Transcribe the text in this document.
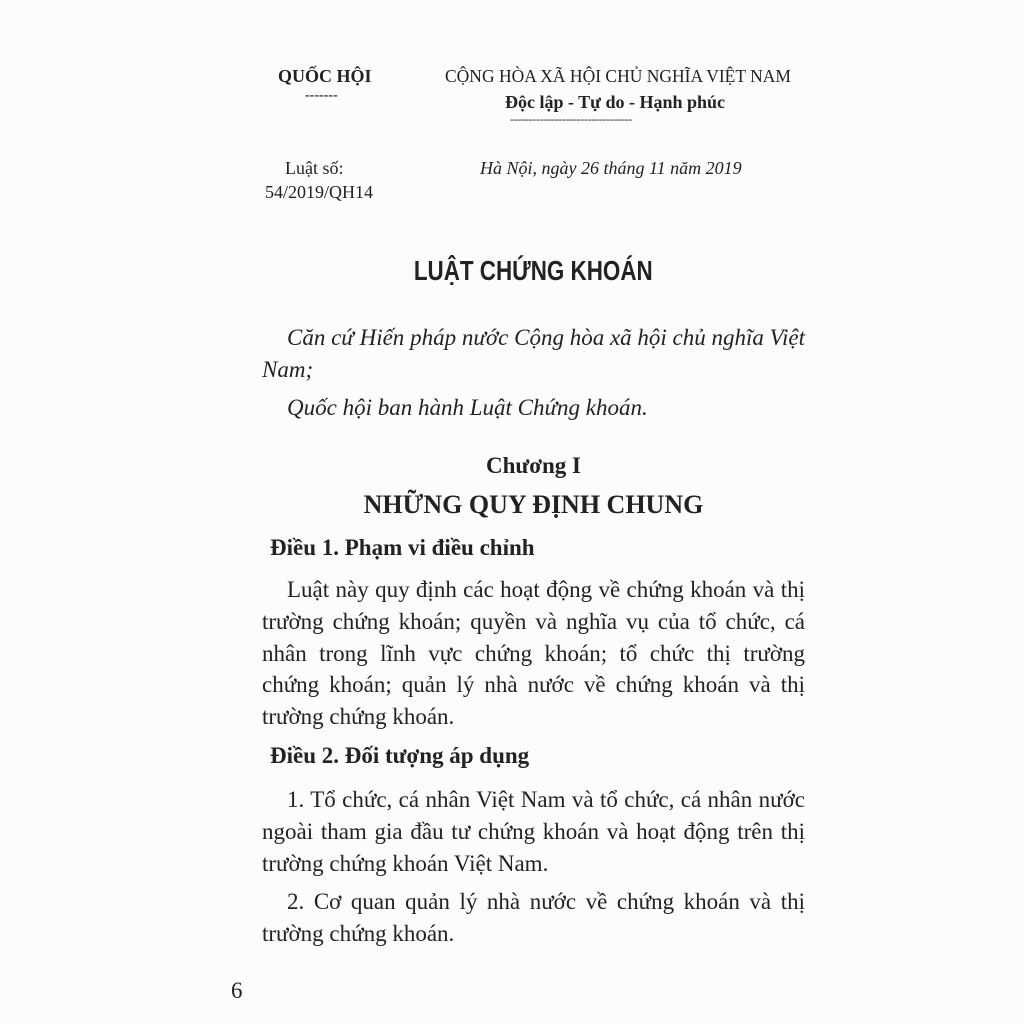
QUỐC HỘI
-------
CỘNG HÒA XÃ HỘI CHỦ NGHĨA VIỆT NAM
Độc lập - Tự do - Hạnh phúc
---------------------------------
Luật số:
54/2019/QH14
Hà Nội, ngày 26 tháng 11 năm 2019
LUẬT CHỨNG KHOÁN

Căn cứ Hiến pháp nước Cộng hòa xã hội chủ nghĩa Việt Nam;

Quốc hội ban hành Luật Chứng khoán.

Chương I
NHỮNG QUY ĐỊNH CHUNG
Điều 1. Phạm vi điều chỉnh

Luật này quy định các hoạt động về chứng khoán và thị trường chứng khoán; quyền và nghĩa vụ của tổ chức, cá nhân trong lĩnh vực chứng khoán; tổ chức thị trường chứng khoán; quản lý nhà nước về chứng khoán và thị trường chứng khoán.

Điều 2. Đối tượng áp dụng

1. Tổ chức, cá nhân Việt Nam và tổ chức, cá nhân nước ngoài tham gia đầu tư chứng khoán và hoạt động trên thị trường chứng khoán Việt Nam.

2. Cơ quan quản lý nhà nước về chứng khoán và thị trường chứng khoán.

6
